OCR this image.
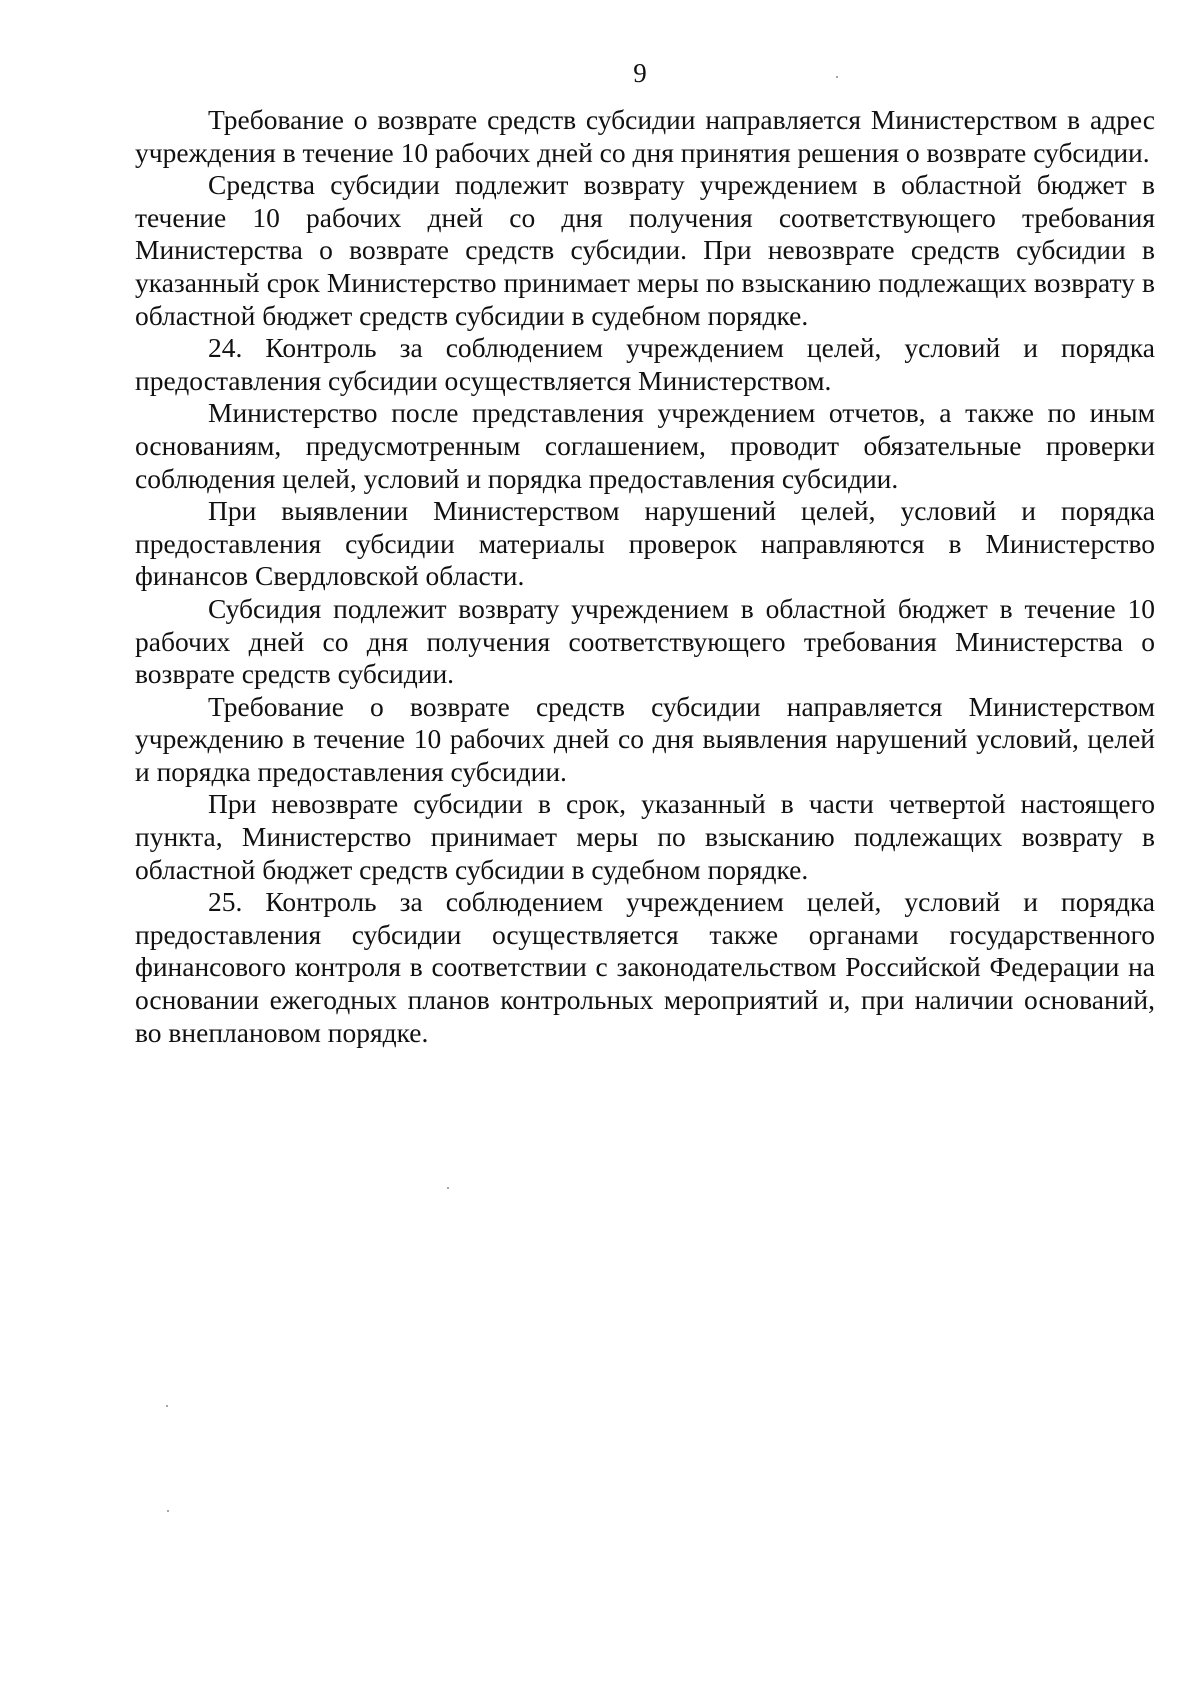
9

Требование о возврате средств субсидии направляется Министерством в адрес учреждения в течение 10 рабочих дней со дня принятия решения о возврате субсидии.

Средства субсидии подлежит возврату учреждением в областной бюджет в течение 10 рабочих дней со дня получения соответствующего требования Министерства о возврате средств субсидии. При невозврате средств субсидии в указанный срок Министерство принимает меры по взысканию подлежащих возврату в областной бюджет средств субсидии в судебном порядке.

24. Контроль за соблюдением учреждением целей, условий и порядка предоставления субсидии осуществляется Министерством.

Министерство после представления учреждением отчетов, а также по иным основаниям, предусмотренным соглашением, проводит обязательные проверки соблюдения целей, условий и порядка предоставления субсидии.

При выявлении Министерством нарушений целей, условий и порядка предоставления субсидии материалы проверок направляются в Министерство финансов Свердловской области.

Субсидия подлежит возврату учреждением в областной бюджет в течение 10 рабочих дней со дня получения соответствующего требования Министерства о возврате средств субсидии.

Требование о возврате средств субсидии направляется Министерством учреждению в течение 10 рабочих дней со дня выявления нарушений условий, целей и порядка предоставления субсидии.

При невозврате субсидии в срок, указанный в части четвертой настоящего пункта, Министерство принимает меры по взысканию подлежащих возврату в областной бюджет средств субсидии в судебном порядке.

25. Контроль за соблюдением учреждением целей, условий и порядка предоставления субсидии осуществляется также органами государственного финансового контроля в соответствии с законодательством Российской Федерации на основании ежегодных планов контрольных мероприятий и, при наличии оснований, во внеплановом порядке.
